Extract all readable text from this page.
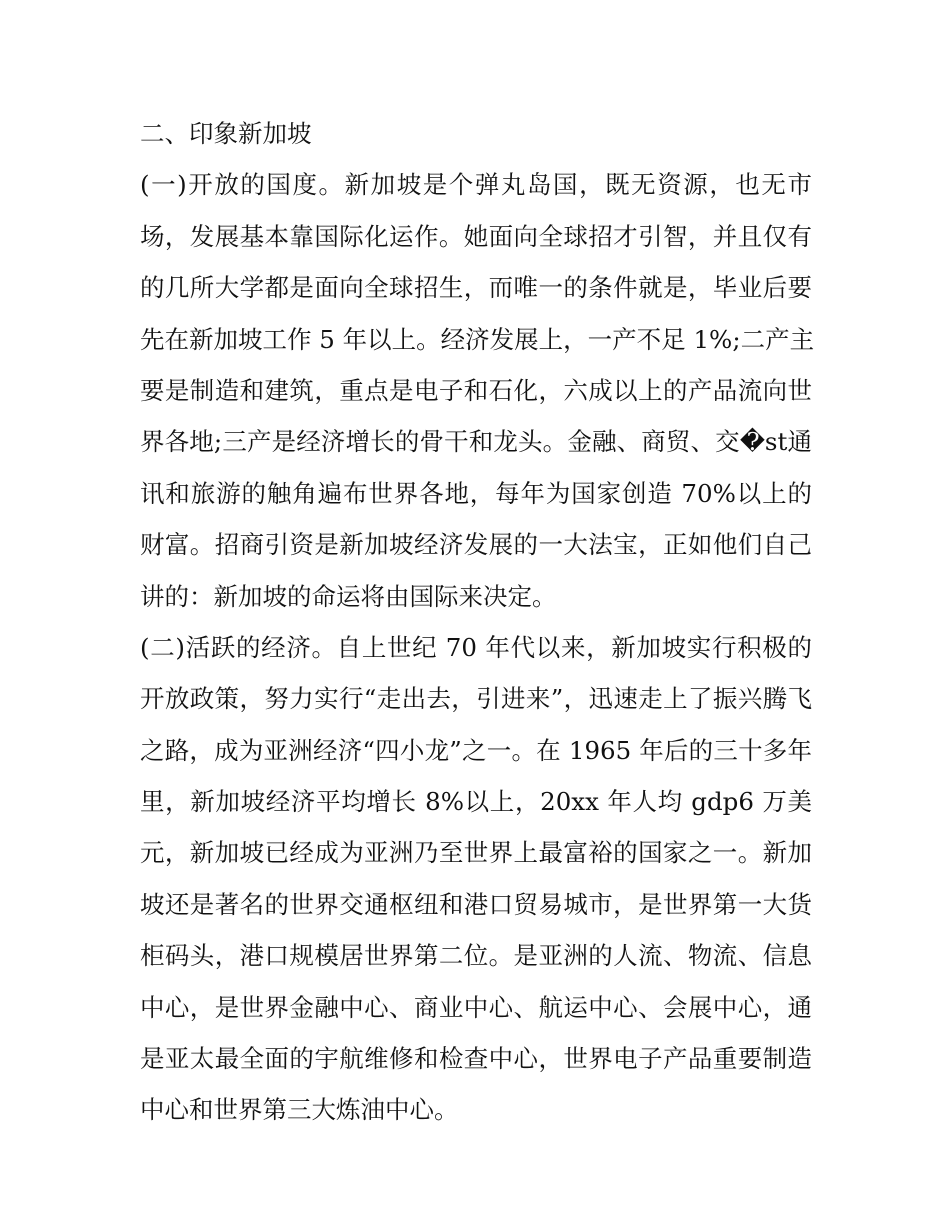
二、印象新加坡
(一)开放的国度。新加坡是个弹丸岛国，既无资源，也无市
场，发展基本靠国际化运作。她面向全球招才引智，并且仅有
的几所大学都是面向全球招生，而唯一的条件就是，毕业后要
先在新加坡工作 5 年以上。经济发展上，一产不足 1%;二产主
要是制造和建筑，重点是电子和石化，六成以上的产品流向世
界各地;三产是经济增长的骨干和龙头。金融、商贸、交�st通
讯和旅游的触角遍布世界各地，每年为国家创造 70%以上的
财富。招商引资是新加坡经济发展的一大法宝，正如他们自己
讲的：新加坡的命运将由国际来决定。
(二)活跃的经济。自上世纪 70 年代以来，新加坡实行积极的
开放政策，努力实行“走出去，引进来”，迅速走上了振兴腾飞
之路，成为亚洲经济“四小龙”之一。在 1965 年后的三十多年
里，新加坡经济平均增长 8%以上，20xx 年人均 gdp6 万美
元，新加坡已经成为亚洲乃至世界上最富裕的国家之一。新加
坡还是著名的世界交通枢纽和港口贸易城市，是世界第一大货
柜码头，港口规模居世界第二位。是亚洲的人流、物流、信息
中心，是世界金融中心、商业中心、航运中心、会展中心，通
是亚太最全面的宇航维修和检查中心，世界电子产品重要制造
中心和世界第三大炼油中心。
